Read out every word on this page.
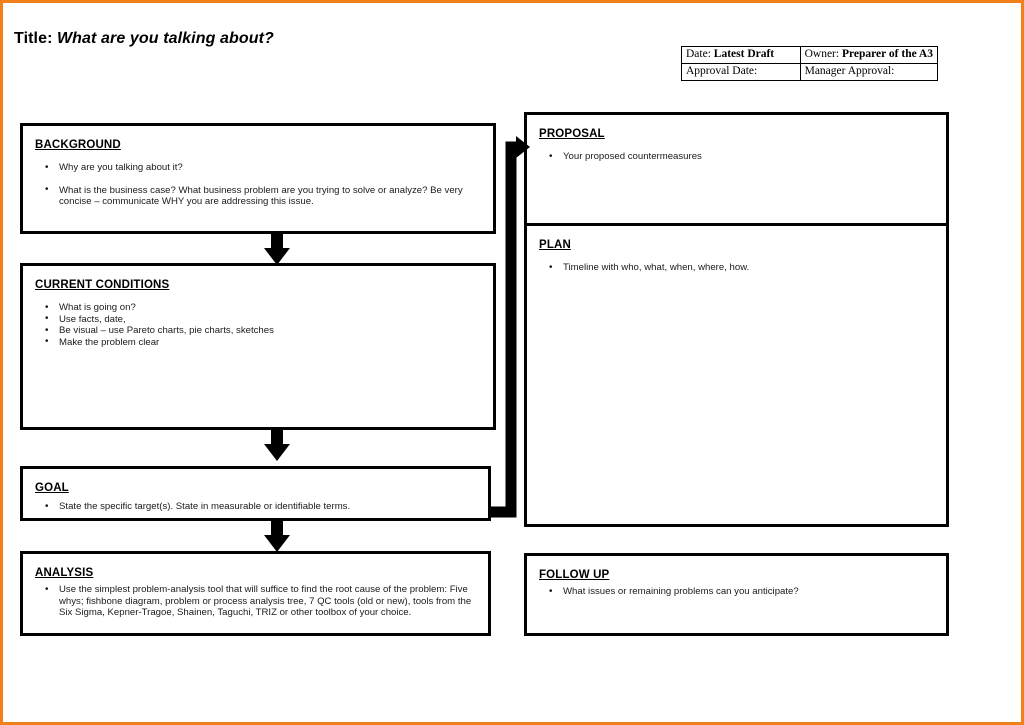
Title: What are you talking about?
Date: Latest Draft	Owner: Preparer of the A3
Approval Date:	Manager Approval:
BACKGROUND
• Why are you talking about it?
• What is the business case? What business problem are you trying to solve or analyze? Be very concise – communicate WHY you are addressing this issue.
CURRENT CONDITIONS
• What is going on?
• Use facts, date,
• Be visual – use Pareto charts, pie charts, sketches
• Make the problem clear
GOAL
• State the specific target(s). State in measurable or identifiable terms.
ANALYSIS
• Use the simplest problem-analysis tool that will suffice to find the root cause of the problem: Five whys; fishbone diagram, problem or process analysis tree, 7 QC tools (old or new), tools from the Six Sigma, Kepner-Tragoe, Shainen, Taguchi, TRIZ or other toolbox of your choice.
PROPOSAL
• Your proposed countermeasures
PLAN
• Timeline with who, what, when, where, how.
FOLLOW UP
• What issues or remaining problems can you anticipate?
